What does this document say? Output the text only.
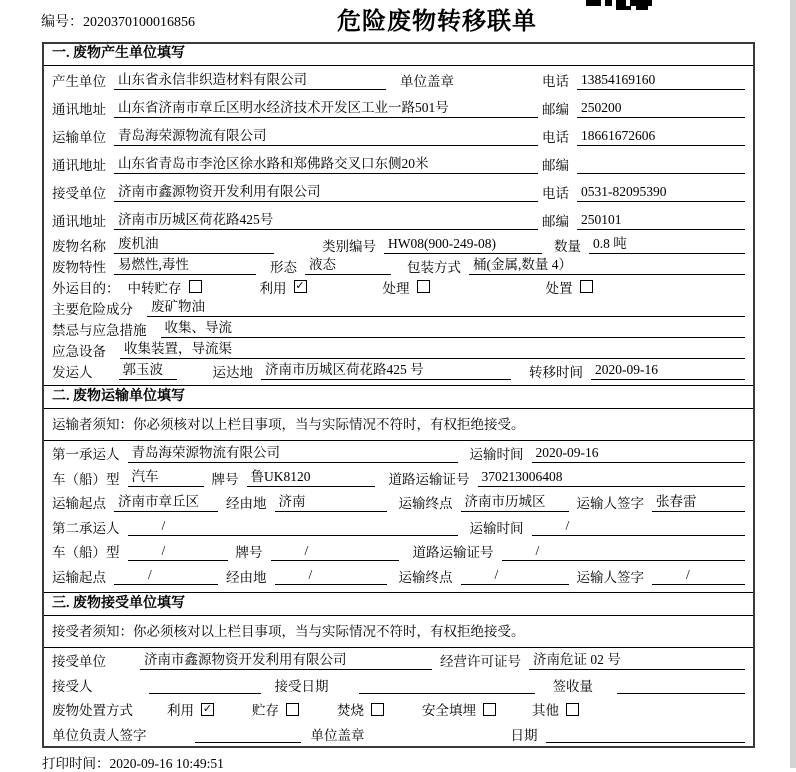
编号：2020370100016856	危险废物转移联单
一. 废物产生单位填写
产生单位 山东省永信非织造材料有限公司	单位盖章	电话 13854169160
通讯地址 山东省济南市章丘区明水经济技术开发区工业一路501号	邮编 250200
运输单位 青岛海荣源物流有限公司	电话 18661672606
通讯地址 山东省青岛市李沧区徐水路和郑佛路交叉口东侧20米	邮编
接受单位 济南市鑫源物资开发利用有限公司	电话 0531-82095390
通讯地址 济南市历城区荷花路425号	邮编 250101
废物名称 废机油	类别编号 HW08(900-249-08)	数量 0.8 吨
废物特性 易燃性,毒性	形态 液态	包装方式 桶(金属,数量 4）
外运目的： 中转贮存	利用 ✓	处理	处置
主要危险成分 废矿物油
禁忌与应急措施 收集、导流
应急设备 收集装置，导流渠
发运人 郭玉波	运达地 济南市历城区荷花路425 号	转移时间 2020-09-16
二. 废物运输单位填写
运输者须知：你必须核对以上栏目事项，当与实际情况不符时，有权拒绝接受。
第一承运人 青岛海荣源物流有限公司	运输时间 2020-09-16
车（船）型 汽车	牌号 鲁UK8120	道路运输证号 370213006408
运输起点 济南市章丘区	经由地 济南	运输终点 济南市历城区	运输人签字 张春雷
第二承运人	/	运输时间	/
车（船）型	/	牌号	/	道路运输证号	/
运输起点	/	经由地	/	运输终点	/	运输人签字	/
三. 废物接受单位填写
接受者须知：你必须核对以上栏目事项，当与实际情况不符时，有权拒绝接受。
接受单位	济南市鑫源物资开发利用有限公司	经营许可证号 济南危证 02 号
接受人	接受日期	签收量
废物处置方式	利用 ✓	贮存	焚烧	安全填埋	其他
单位负责人签字	单位盖章	日期
打印时间：2020-09-16 10:49:51
